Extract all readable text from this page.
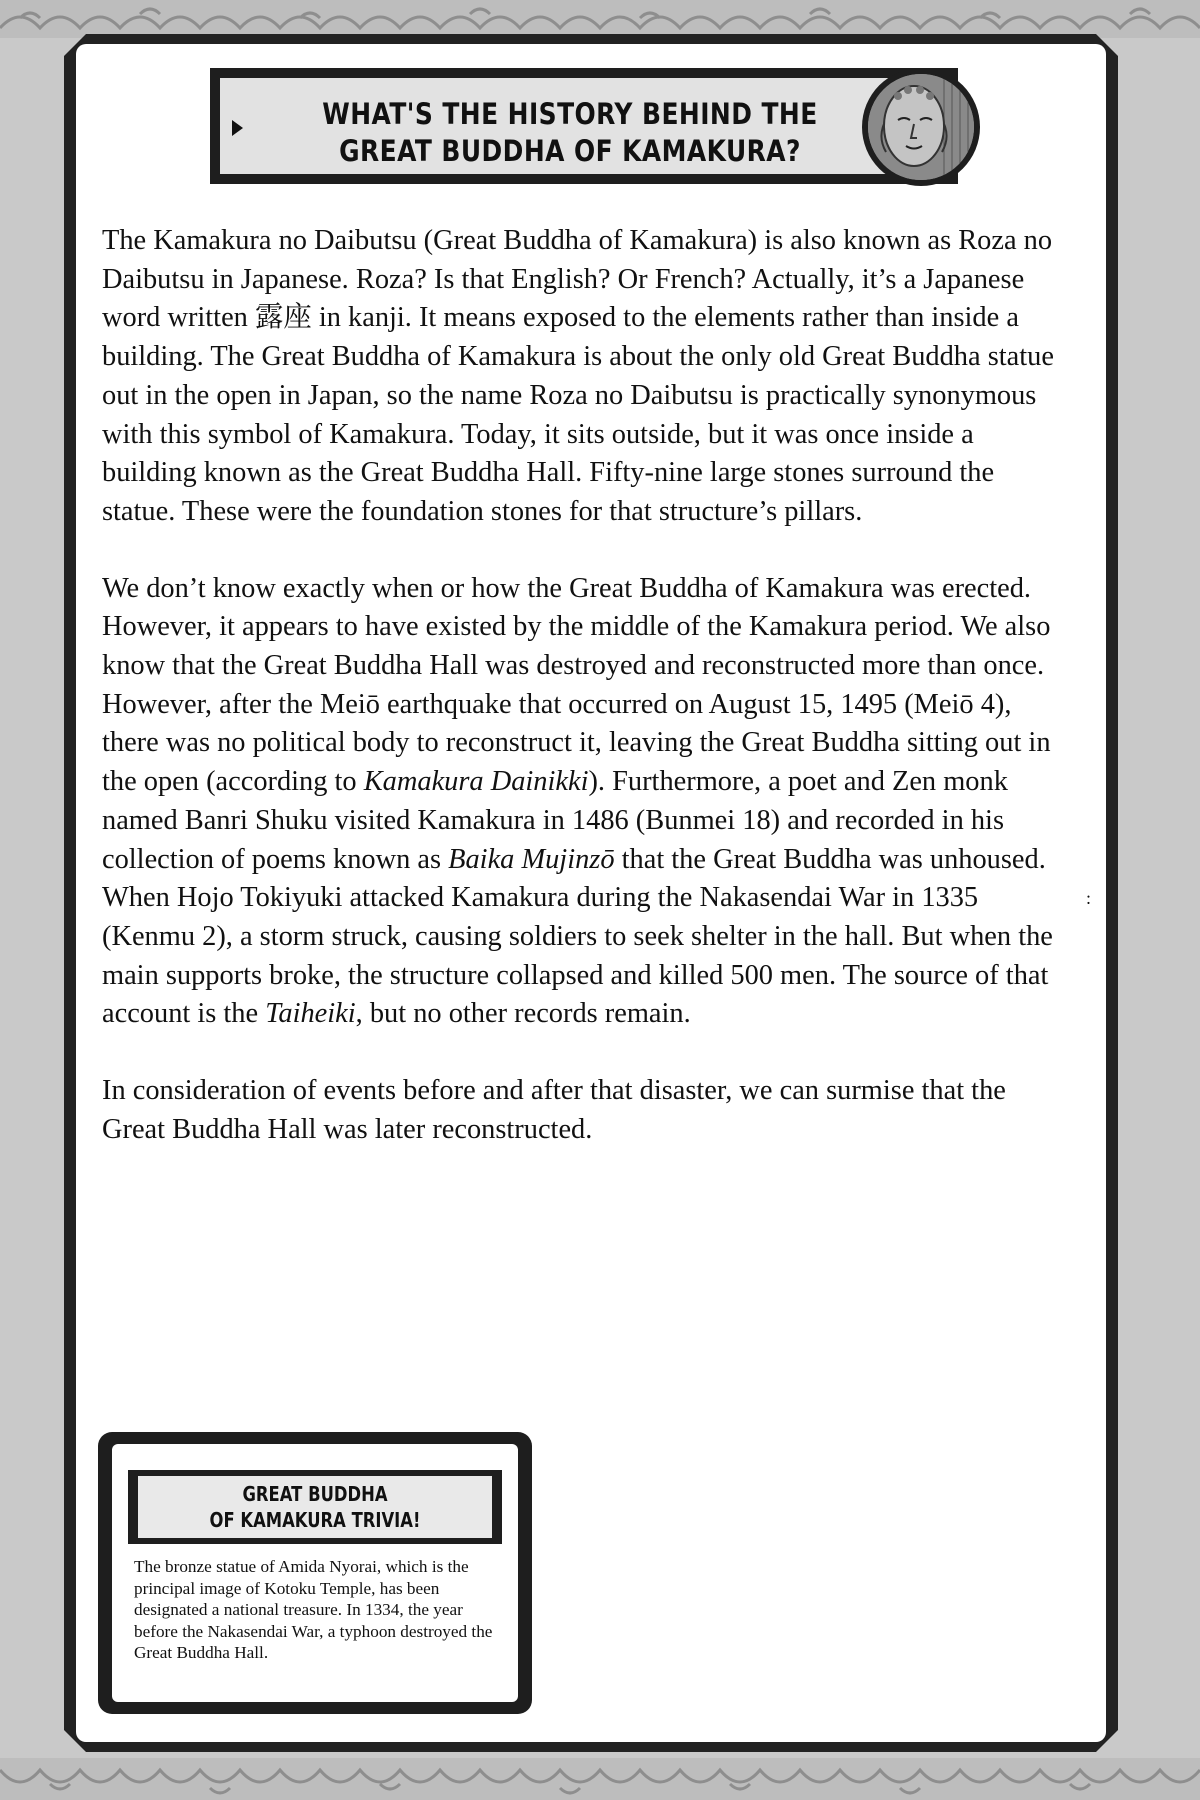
WHAT'S THE HISTORY BEHIND THE GREAT BUDDHA OF KAMAKURA?

The Kamakura no Daibutsu (Great Buddha of Kamakura) is also known as Roza no Daibutsu in Japanese. Roza? Is that English? Or French? Actually, it’s a Japanese word written 露座 in kanji. It means exposed to the elements rather than inside a building. The Great Buddha of Kamakura is about the only old Great Buddha statue out in the open in Japan, so the name Roza no Daibutsu is practically synonymous with this symbol of Kamakura. Today, it sits outside, but it was once inside a building known as the Great Buddha Hall. Fifty-nine large stones surround the statue. These were the foundation stones for that structure’s pillars.

We don’t know exactly when or how the Great Buddha of Kamakura was erected. However, it appears to have existed by the middle of the Kamakura period. We also know that the Great Buddha Hall was destroyed and reconstructed more than once. However, after the Meiō earthquake that occurred on August 15, 1495 (Meiō 4), there was no political body to reconstruct it, leaving the Great Buddha sitting out in the open (according to Kamakura Dainikki). Furthermore, a poet and Zen monk named Banri Shuku visited Kamakura in 1486 (Bunmei 18) and recorded in his collection of poems known as Baika Mujinzō that the Great Buddha was unhoused. When Hojo Tokiyuki attacked Kamakura during the Nakasendai War in 1335 (Kenmu 2), a storm struck, causing soldiers to seek shelter in the hall. But when the main supports broke, the structure collapsed and killed 500 men. The source of that account is the Taiheiki, but no other records remain.

In consideration of events before and after that disaster, we can surmise that the Great Buddha Hall was later reconstructed.

:
GREAT BUDDHA
OF KAMAKURA TRIVIA!
The bronze statue of Amida Nyorai, which is the principal image of Kotoku Temple, has been designated a national treasure. In 1334, the year before the Nakasendai War, a typhoon destroyed the Great Buddha Hall.
